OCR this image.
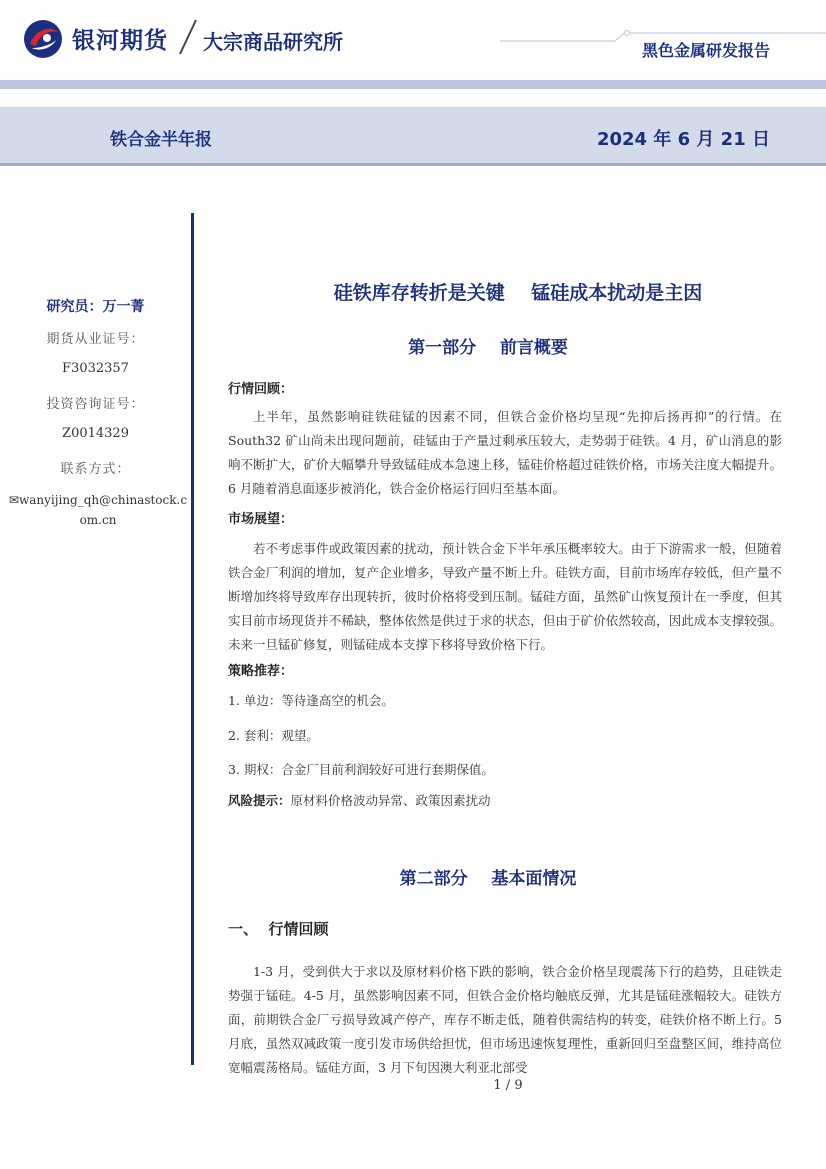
银河期货 大宗商品研究所	黑色金属研发报告
铁合金半年报	2024 年 6 月 21 日
研究员：万一菁
期货从业证号：
F3032357
投资咨询证号：
Z0014329
联系方式：
✉wanyijing_qh@chinastock.com.cn
硅铁库存转折是关键    锰硅成本扰动是主因
第一部分    前言概要
行情回顾：

上半年，虽然影响硅铁硅锰的因素不同，但铁合金价格均呈现“先抑后扬再抑”的行情。在 South32 矿山尚未出现问题前，硅锰由于产量过剩承压较大，走势弱于硅铁。4 月，矿山消息的影响不断扩大，矿价大幅攀升导致锰硅成本急速上移，锰硅价格超过硅铁价格，市场关注度大幅提升。6 月随着消息面逐步被消化，铁合金价格运行回归至基本面。

市场展望：

若不考虑事件或政策因素的扰动，预计铁合金下半年承压概率较大。由于下游需求一般，但随着铁合金厂利润的增加，复产企业增多，导致产量不断上升。硅铁方面，目前市场库存较低，但产量不断增加终将导致库存出现转折，彼时价格将受到压制。锰硅方面，虽然矿山恢复预计在一季度，但其实目前市场现货并不稀缺，整体依然是供过于求的状态，但由于矿价依然较高，因此成本支撑较强。未来一旦锰矿修复，则锰硅成本支撑下移将导致价格下行。

策略推荐：
1. 单边：等待逢高空的机会。
2. 套利：观望。
3. 期权：合金厂目前利润较好可进行套期保值。
风险提示：原材料价格波动异常、政策因素扰动
第二部分    基本面情况
一、  行情回顾

1-3 月，受到供大于求以及原材料价格下跌的影响，铁合金价格呈现震荡下行的趋势，且硅铁走势强于锰硅。4-5 月，虽然影响因素不同，但铁合金价格均触底反弹，尤其是锰硅涨幅较大。硅铁方面，前期铁合金厂亏损导致减产停产，库存不断走低，随着供需结构的转变，硅铁价格不断上行。5 月底，虽然双减政策一度引发市场供给担忧，但市场迅速恢复理性，重新回归至盘整区间，维持高位宽幅震荡格局。锰硅方面，3 月下旬因澳大利亚北部受

1 / 9
